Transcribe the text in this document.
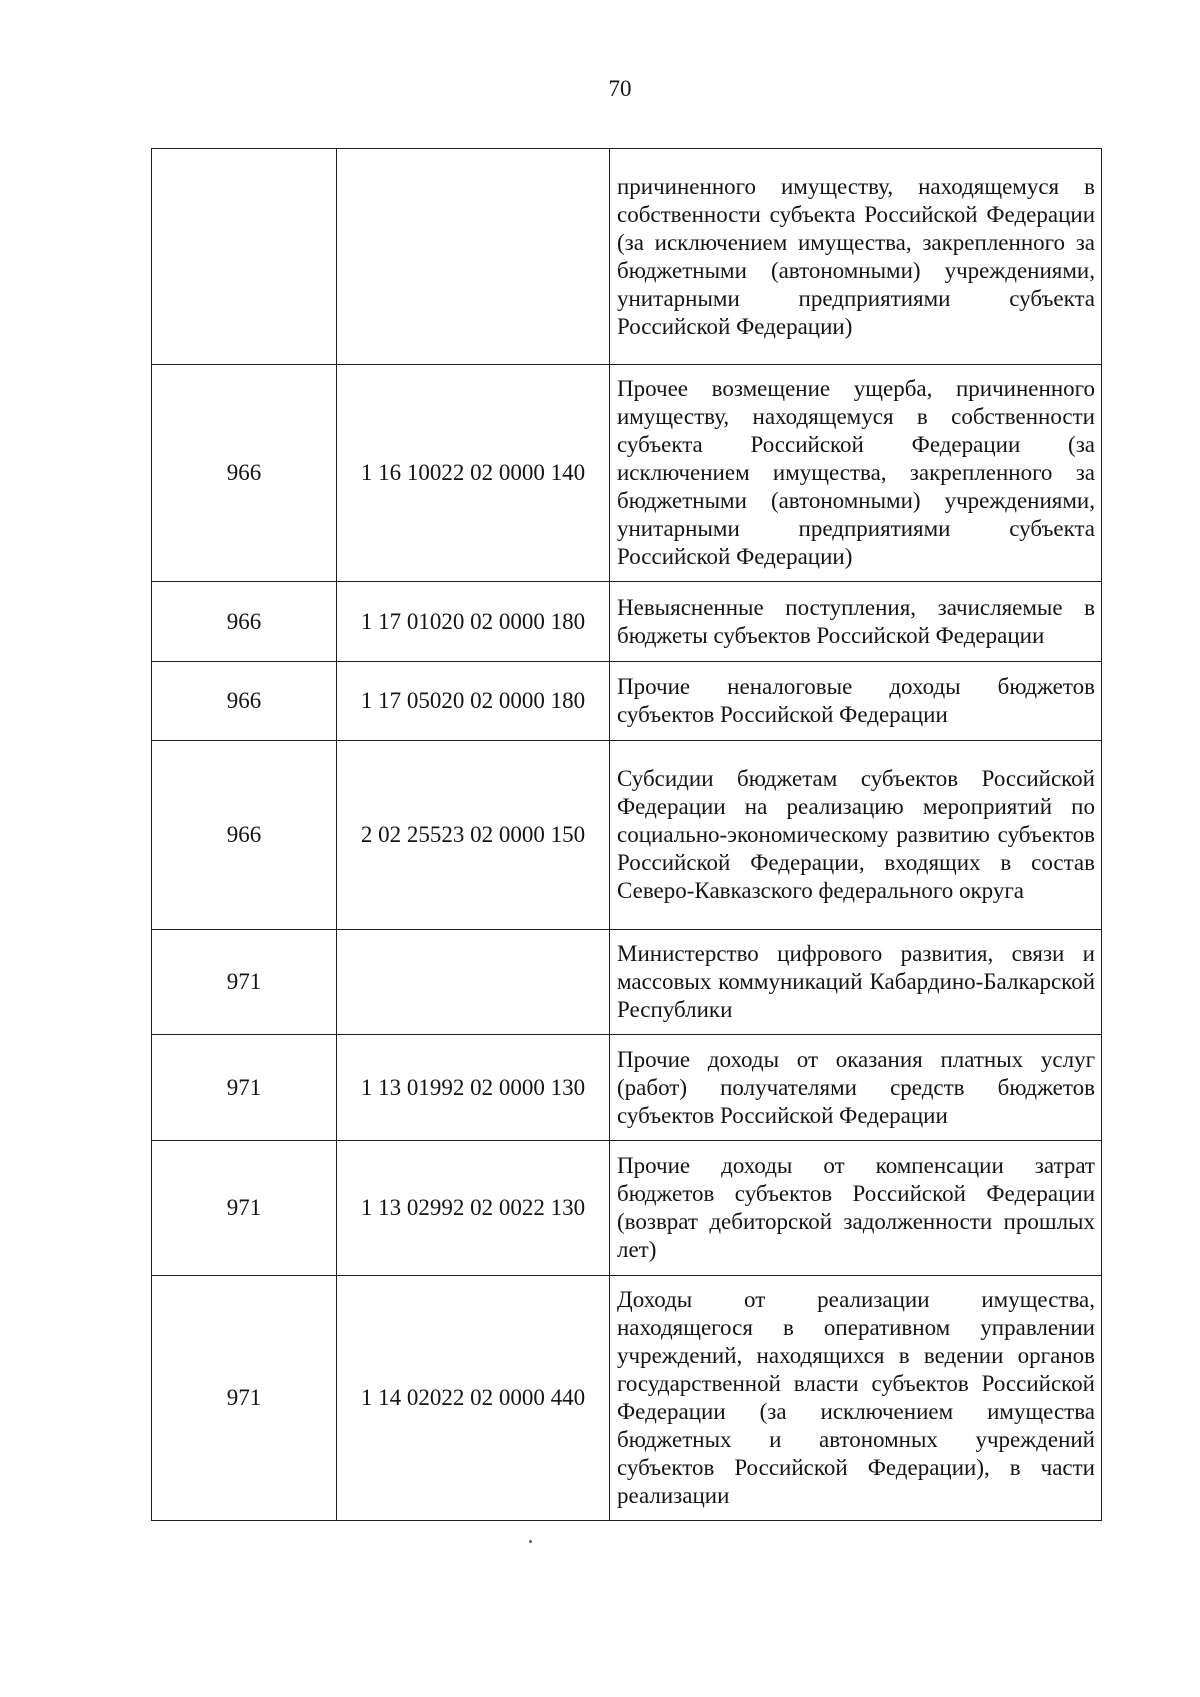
70
		причиненного имуществу, находящемуся в собственности субъекта Российской Федерации (за исключением имущества, закрепленного за бюджетными (автономными) учреждениями, унитарными предприятиями субъекта Российской Федерации)
966	1 16 10022 02 0000 140	Прочее возмещение ущерба, причиненного имуществу, находящемуся в собственности субъекта Российской Федерации (за исключением имущества, закрепленного за бюджетными (автономными) учреждениями, унитарными предприятиями субъекта Российской Федерации)
966	1 17 01020 02 0000 180	Невыясненные поступления, зачисляемые в бюджеты субъектов Российской Федерации
966	1 17 05020 02 0000 180	Прочие неналоговые доходы бюджетов субъектов Российской Федерации
966	2 02 25523 02 0000 150	Субсидии бюджетам субъектов Российской Федерации на реализацию мероприятий по социально-экономическому развитию субъектов Российской Федерации, входящих в состав Северо-Кавказского федерального округа
971		Министерство цифрового развития, связи и массовых коммуникаций Кабардино-Балкарской Республики
971	1 13 01992 02 0000 130	Прочие доходы от оказания платных услуг (работ) получателями средств бюджетов субъектов Российской Федерации
971	1 13 02992 02 0022 130	Прочие доходы от компенсации затрат бюджетов субъектов Российской Федерации (возврат дебиторской задолженности прошлых лет)
971	1 14 02022 02 0000 440	Доходы от реализации имущества, находящегося в оперативном управлении учреждений, находящихся в ведении органов государственной власти субъектов Российской Федерации (за исключением имущества бюджетных и автономных учреждений субъектов Российской Федерации), в части реализации
